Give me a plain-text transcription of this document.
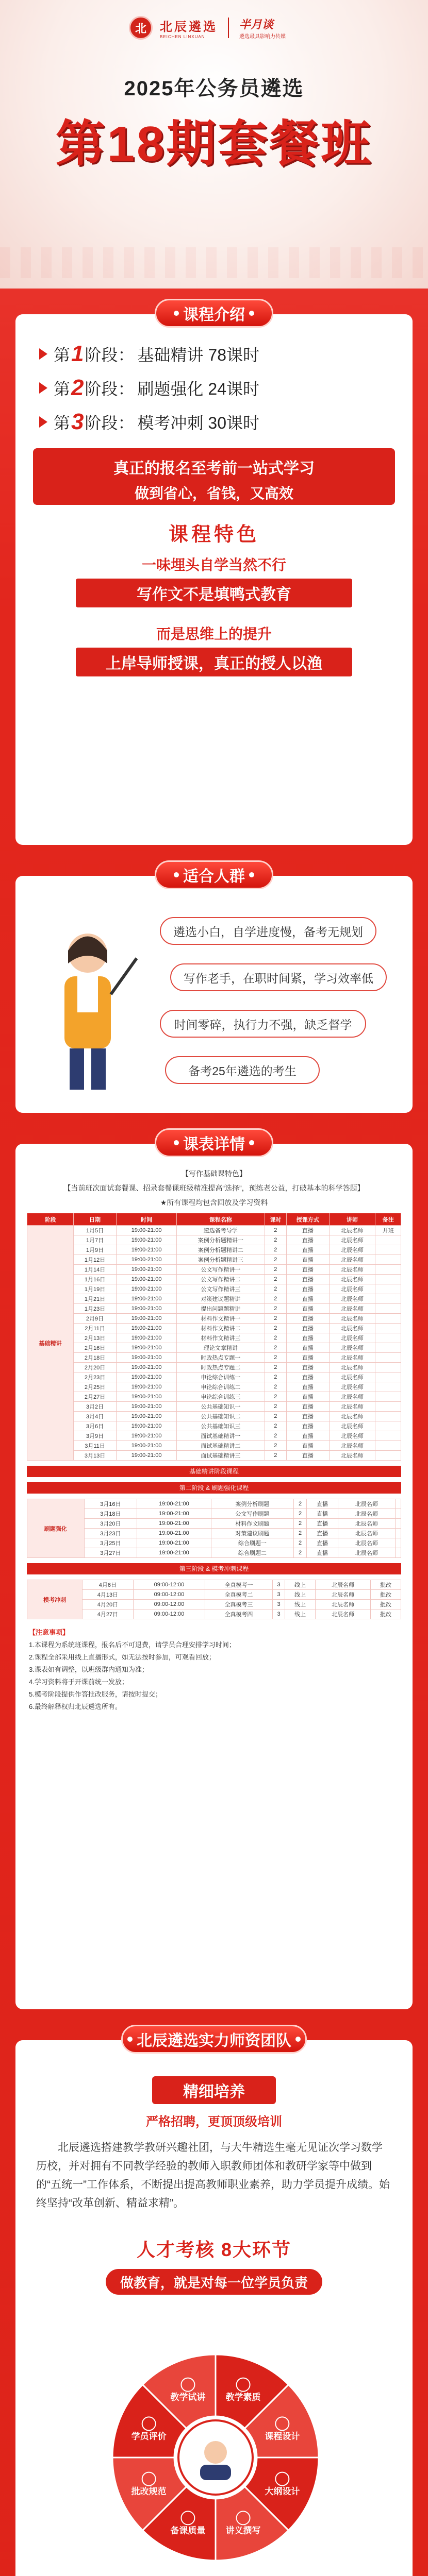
北	北辰遴选
BEICHEN LINXUAN
半月谈
遴选最具影响力传媒
2025年公务员遴选
第18期套餐班
课程介绍
第 1 阶段 ： 基础精讲 78课时
第 2 阶段 ： 刷题强化 24课时
第 3 阶段 ： 模考冲刺 30课时
真正的报名至考前一站式学习
做到省心，省钱，又高效
课程特色
一味埋头自学当然不行
写作文不是填鸭式教育
而是思维上的提升
上岸导师授课，真正的授人以渔
适合人群
遴选小白，自学进度慢，备考无规划
写作老手，在职时间紧，学习效率低
时间零碎，执行力不强，缺乏督学
备考25年遴选的考生
课表详情
【写作基础课特色】
【当前班次面试套餐课、招录套餐课班级精准提高“选择”，预练老公益，打破基本的科学答题】
★所有课程均包含回放及学习资料
阶段	日期	时间	课程名称	课时	授课方式	讲师	备注
基础精讲	1月5日	19:00-21:00	遴选备考导学	2	直播	北辰名师	开班
	1月7日	19:00-21:00	案例分析题精讲一	2	直播	北辰名师	
	1月9日	19:00-21:00	案例分析题精讲二	2	直播	北辰名师	
	1月12日	19:00-21:00	案例分析题精讲三	2	直播	北辰名师	
	1月14日	19:00-21:00	公文写作精讲一	2	直播	北辰名师	
	1月16日	19:00-21:00	公文写作精讲二	2	直播	北辰名师	
	1月19日	19:00-21:00	公文写作精讲三	2	直播	北辰名师	
	1月21日	19:00-21:00	对策建议题精讲	2	直播	北辰名师	
	1月23日	19:00-21:00	提出问题题精讲	2	直播	北辰名师	
	2月9日	19:00-21:00	材料作文精讲一	2	直播	北辰名师	
	2月11日	19:00-21:00	材料作文精讲二	2	直播	北辰名师	
	2月13日	19:00-21:00	材料作文精讲三	2	直播	北辰名师	
	2月16日	19:00-21:00	理论文章精讲	2	直播	北辰名师	
	2月18日	19:00-21:00	时政热点专题一	2	直播	北辰名师	
	2月20日	19:00-21:00	时政热点专题二	2	直播	北辰名师	
	2月23日	19:00-21:00	申论综合训练一	2	直播	北辰名师	
	2月25日	19:00-21:00	申论综合训练二	2	直播	北辰名师	
	2月27日	19:00-21:00	申论综合训练三	2	直播	北辰名师	
	3月2日	19:00-21:00	公共基础知识一	2	直播	北辰名师	
	3月4日	19:00-21:00	公共基础知识二	2	直播	北辰名师	
	3月6日	19:00-21:00	公共基础知识三	2	直播	北辰名师	
	3月9日	19:00-21:00	面试基础精讲一	2	直播	北辰名师	
	3月11日	19:00-21:00	面试基础精讲二	2	直播	北辰名师	
	3月13日	19:00-21:00	面试基础精讲三	2	直播	北辰名师	
基础精讲阶段课程
第二阶段 & 刷题强化课程
刷题强化	3月16日	19:00-21:00	案例分析刷题	2	直播	北辰名师	
	3月18日	19:00-21:00	公文写作刷题	2	直播	北辰名师	
	3月20日	19:00-21:00	材料作文刷题	2	直播	北辰名师	
	3月23日	19:00-21:00	对策建议刷题	2	直播	北辰名师	
	3月25日	19:00-21:00	综合刷题一	2	直播	北辰名师	
	3月27日	19:00-21:00	综合刷题二	2	直播	北辰名师	
第三阶段 & 模考冲刺课程
模考冲刺	4月6日	09:00-12:00	全真模考一	3	线上	北辰名师	批改
	4月13日	09:00-12:00	全真模考二	3	线上	北辰名师	批改
	4月20日	09:00-12:00	全真模考三	3	线上	北辰名师	批改
	4月27日	09:00-12:00	全真模考四	3	线上	北辰名师	批改
【注意事项】
1.本课程为系统班课程，报名后不可退费，请学员合理安排学习时间；
2.课程全部采用线上直播形式，如无法按时参加，可观看回放；
3.课表如有调整，以班级群内通知为准；
4.学习资料将于开课前统一发放；
5.模考阶段提供作答批改服务，请按时提交；
6.最终解释权归北辰遴选所有。
北辰遴选实力师资团队
精细培养
严格招聘，更顶顶级培训
北辰遴选搭建教学教研兴趣社团，与大牛精选生毫无见证次学习数学历校，并对拥有不同教学经验的教师入职教师团体和教研学家等中做到的“五统一”工作体系，不断提出提高教师职业素养，助力学员提升成绩。始终坚持“改革创新、精益求精”。
人才考核 8大环节
做教育，就是对每一位学员负责
教学素质
课程设计
大纲设计
讲义撰写
备课质量
批改规范
学员评价
教学试讲
